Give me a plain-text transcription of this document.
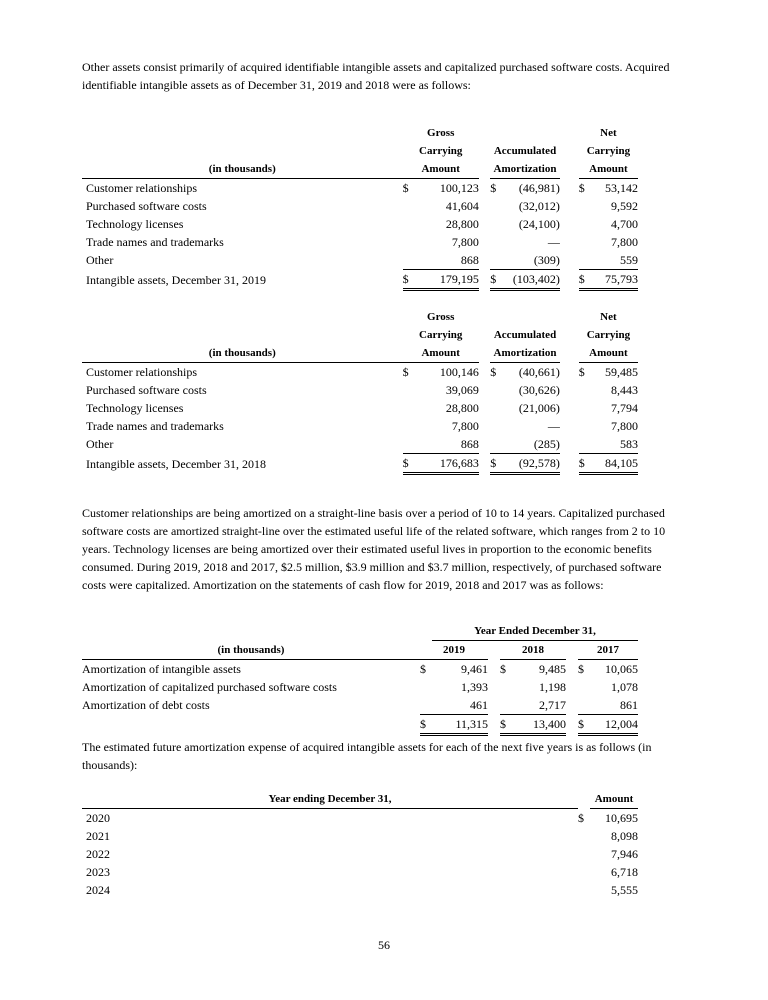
Other assets consist primarily of acquired identifiable intangible assets and capitalized purchased software costs. Acquired identifiable intangible assets as of December 31, 2019 and 2018 were as follows:

	Gross						Net	
	Carrying			Accumulated			Carrying	
(in thousands)	Amount			Amortization			Amount	
Customer relationships	$	100,123		$	(46,981)		$	53,142
Purchased software costs		41,604			(32,012)			9,592
Technology licenses		28,800			(24,100)			4,700
Trade names and trademarks		7,800			—			7,800
Other		868			(309)			559
Intangible assets, December 31, 2019	$	179,195		$	(103,402)		$	75,793
	Gross						Net	
	Carrying			Accumulated			Carrying	
(in thousands)	Amount			Amortization			Amount	
Customer relationships	$	100,146		$	(40,661)		$	59,485
Purchased software costs		39,069			(30,626)			8,443
Technology licenses		28,800			(21,006)			7,794
Trade names and trademarks		7,800			—			7,800
Other		868			(285)			583
Intangible assets, December 31, 2018	$	176,683		$	(92,578)		$	84,105

Customer relationships are being amortized on a straight-line basis over a period of 10 to 14 years. Capitalized purchased software costs are amortized straight-line over the estimated useful life of the related software, which ranges from 2 to 10 years. Technology licenses are being amortized over their estimated useful lives in proportion to the economic benefits consumed. During 2019, 2018 and 2017, $2.5 million, $3.9 million and $3.7 million, respectively, of purchased software costs were capitalized. Amortization on the statements of cash flow for 2019, 2018 and 2017 was as follows:

		Year Ended December 31,						
(in thousands)	2019			2018			2017	
Amortization of intangible assets	$	9,461		$	9,485		$	10,065
Amortization of capitalized purchased software costs		1,393			1,198			1,078
Amortization of debt costs		461			2,717			861
	$	11,315		$	13,400		$	12,004

The estimated future amortization expense of acquired intangible assets for each of the next five years is as follows (in thousands):

Year ending December 31,		Amount
2020	$	10,695
2021		8,098
2022		7,946
2023		6,718
2024		5,555
56
